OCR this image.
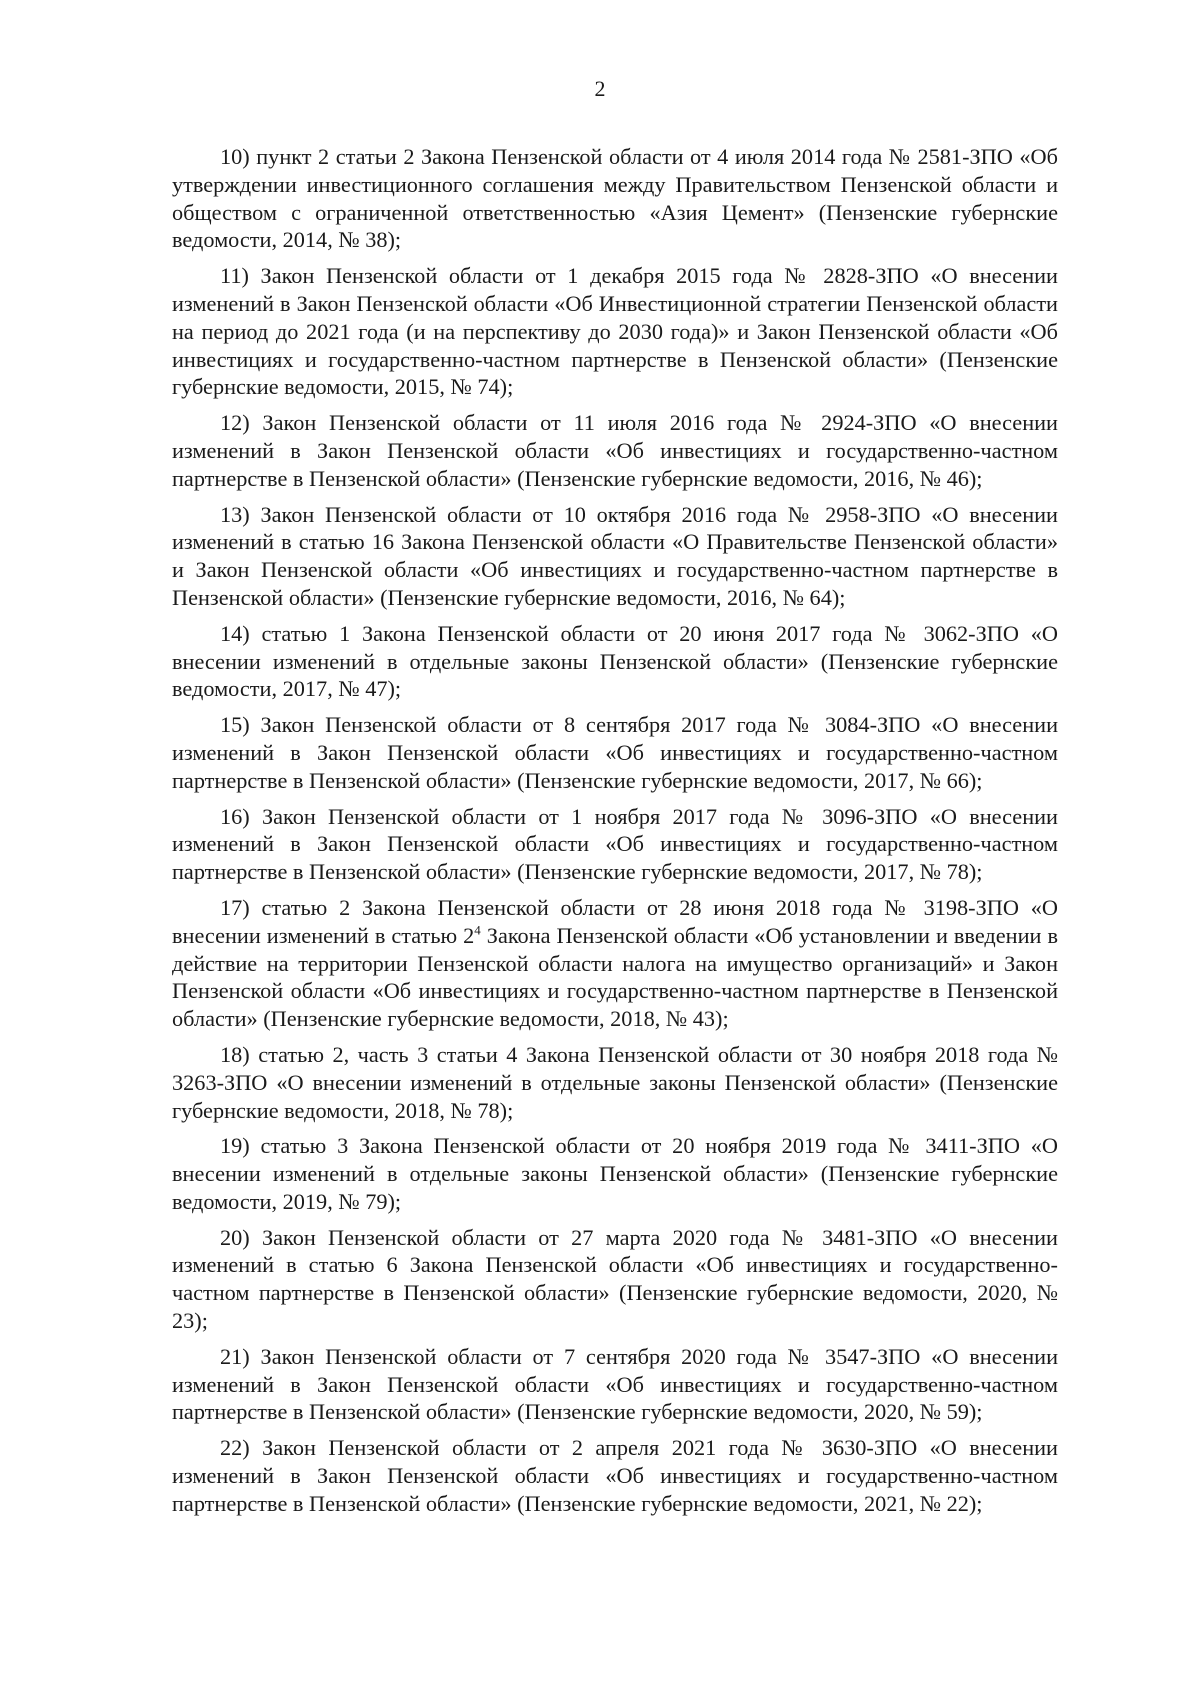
2

10) пункт 2 статьи 2 Закона Пензенской области от 4 июля 2014 года № 2581-ЗПО «Об утверждении инвестиционного соглашения между Правительством Пензенской области и обществом с ограниченной ответственностью «Азия Цемент» (Пензенские губернские ведомости, 2014, № 38);

11) Закон Пензенской области от 1 декабря 2015 года № 2828-ЗПО «О внесении изменений в Закон Пензенской области «Об Инвестиционной стратегии Пензенской области на период до 2021 года (и на перспективу до 2030 года)» и Закон Пензенской области «Об инвестициях и государственно-частном партнерстве в Пензенской области» (Пензенские губернские ведомости, 2015, № 74);

12) Закон Пензенской области от 11 июля 2016 года № 2924-ЗПО «О внесении изменений в Закон Пензенской области «Об инвестициях и государственно-частном партнерстве в Пензенской области» (Пензенские губернские ведомости, 2016, № 46);

13) Закон Пензенской области от 10 октября 2016 года № 2958-ЗПО «О внесении изменений в статью 16 Закона Пензенской области «О Правительстве Пензенской области» и Закон Пензенской области «Об инвестициях и государственно-частном партнерстве в Пензенской области» (Пензенские губернские ведомости, 2016, № 64);

14) статью 1 Закона Пензенской области от 20 июня 2017 года № 3062-ЗПО «О внесении изменений в отдельные законы Пензенской области» (Пензенские губернские ведомости, 2017, № 47);

15) Закон Пензенской области от 8 сентября 2017 года № 3084-ЗПО «О внесении изменений в Закон Пензенской области «Об инвестициях и государственно-частном партнерстве в Пензенской области» (Пензенские губернские ведомости, 2017, № 66);

16) Закон Пензенской области от 1 ноября 2017 года № 3096-ЗПО «О внесении изменений в Закон Пензенской области «Об инвестициях и государственно-частном партнерстве в Пензенской области» (Пензенские губернские ведомости, 2017, № 78);

17) статью 2 Закона Пензенской области от 28 июня 2018 года № 3198-ЗПО «О внесении изменений в статью $2^4$ Закона Пензенской области «Об установлении и введении в действие на территории Пензенской области налога на имущество организаций» и Закон Пензенской области «Об инвестициях и государственно-частном партнерстве в Пензенской области» (Пензенские губернские ведомости, 2018, № 43);

18) статью 2, часть 3 статьи 4 Закона Пензенской области от 30 ноября 2018 года № 3263-ЗПО «О внесении изменений в отдельные законы Пензенской области» (Пензенские губернские ведомости, 2018, № 78);

19) статью 3 Закона Пензенской области от 20 ноября 2019 года № 3411-ЗПО «О внесении изменений в отдельные законы Пензенской области» (Пензенские губернские ведомости, 2019, № 79);

20) Закон Пензенской области от 27 марта 2020 года № 3481-ЗПО «О внесении изменений в статью 6 Закона Пензенской области «Об инвестициях и государственно-частном партнерстве в Пензенской области» (Пензенские губернские ведомости, 2020, № 23);

21) Закон Пензенской области от 7 сентября 2020 года № 3547-ЗПО «О внесении изменений в Закон Пензенской области «Об инвестициях и государственно-частном партнерстве в Пензенской области» (Пензенские губернские ведомости, 2020, № 59);

22) Закон Пензенской области от 2 апреля 2021 года № 3630-ЗПО «О внесении изменений в Закон Пензенской области «Об инвестициях и государственно-частном партнерстве в Пензенской области» (Пензенские губернские ведомости, 2021, № 22);
